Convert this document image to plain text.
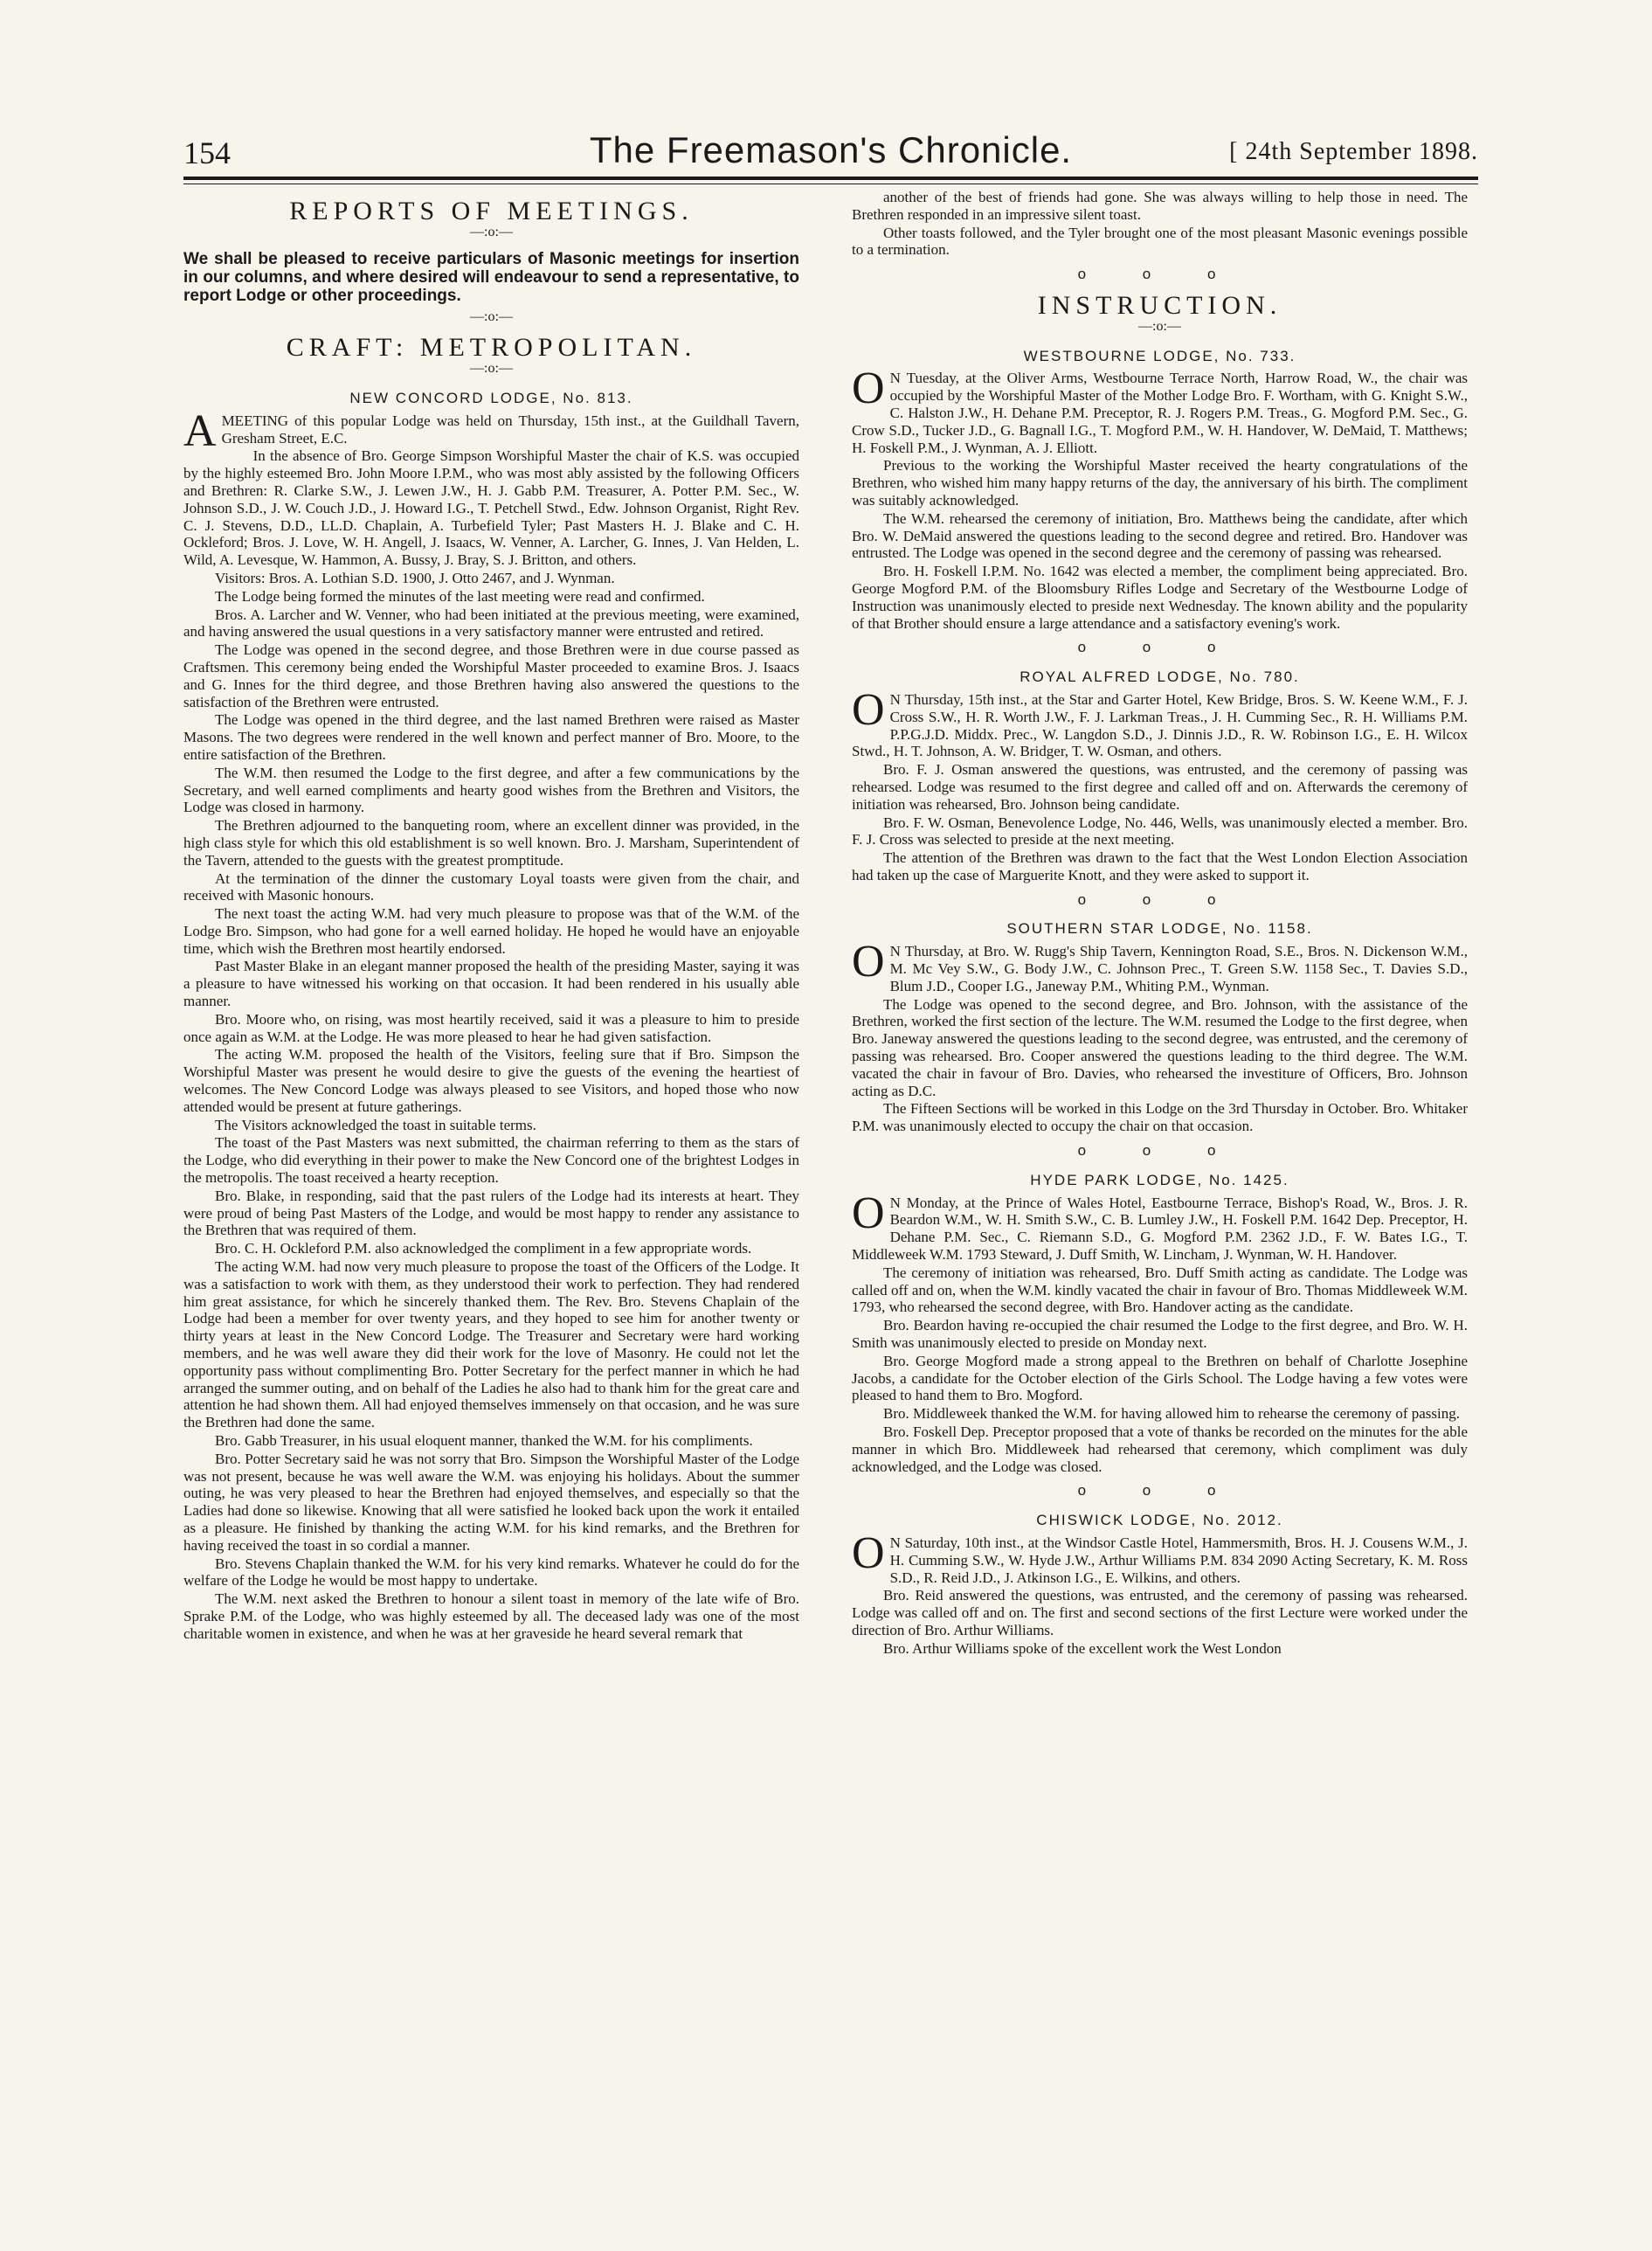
154	The Freemason's Chronicle.	[ 24th September 1898.
REPORTS OF MEETINGS.
—:o:—
We shall be pleased to receive particulars of Masonic meetings for insertion in our columns, and where desired will endeavour to send a representative, to report Lodge or other proceedings.
—:o:—
CRAFT: METROPOLITAN.
—:o:—
NEW CONCORD LODGE, No. 813.

AMEETING of this popular Lodge was held on Thursday, 15th inst., at the Guildhall Tavern, Gresham Street, E.C.

In the absence of Bro. George Simpson Worshipful Master the chair of K.S. was occupied by the highly esteemed Bro. John Moore I.P.M., who was most ably assisted by the following Officers and Brethren: R. Clarke S.W., J. Lewen J.W., H. J. Gabb P.M. Treasurer, A. Potter P.M. Sec., W. Johnson S.D., J. W. Couch J.D., J. Howard I.G., T. Petchell Stwd., Edw. Johnson Organist, Right Rev. C. J. Stevens, D.D., LL.D. Chaplain, A. Turbefield Tyler; Past Masters H. J. Blake and C. H. Ockleford; Bros. J. Love, W. H. Angell, J. Isaacs, W. Venner, A. Larcher, G. Innes, J. Van Helden, L. Wild, A. Levesque, W. Hammon, A. Bussy, J. Bray, S. J. Britton, and others.

Visitors: Bros. A. Lothian S.D. 1900, J. Otto 2467, and J. Wynman.

The Lodge being formed the minutes of the last meeting were read and confirmed.

Bros. A. Larcher and W. Venner, who had been initiated at the previous meeting, were examined, and having answered the usual questions in a very satisfactory manner were entrusted and retired.

The Lodge was opened in the second degree, and those Brethren were in due course passed as Craftsmen. This ceremony being ended the Worshipful Master proceeded to examine Bros. J. Isaacs and G. Innes for the third degree, and those Brethren having also answered the questions to the satisfaction of the Brethren were entrusted.

The Lodge was opened in the third degree, and the last named Brethren were raised as Master Masons. The two degrees were rendered in the well known and perfect manner of Bro. Moore, to the entire satisfaction of the Brethren.

The W.M. then resumed the Lodge to the first degree, and after a few communications by the Secretary, and well earned compliments and hearty good wishes from the Brethren and Visitors, the Lodge was closed in harmony.

The Brethren adjourned to the banqueting room, where an excellent dinner was provided, in the high class style for which this old establishment is so well known. Bro. J. Marsham, Superintendent of the Tavern, attended to the guests with the greatest promptitude.

At the termination of the dinner the customary Loyal toasts were given from the chair, and received with Masonic honours.

The next toast the acting W.M. had very much pleasure to propose was that of the W.M. of the Lodge Bro. Simpson, who had gone for a well earned holiday. He hoped he would have an enjoyable time, which wish the Brethren most heartily endorsed.

Past Master Blake in an elegant manner proposed the health of the presiding Master, saying it was a pleasure to have witnessed his working on that occasion. It had been rendered in his usually able manner.

Bro. Moore who, on rising, was most heartily received, said it was a pleasure to him to preside once again as W.M. at the Lodge. He was more pleased to hear he had given satisfaction.

The acting W.M. proposed the health of the Visitors, feeling sure that if Bro. Simpson the Worshipful Master was present he would desire to give the guests of the evening the heartiest of welcomes. The New Concord Lodge was always pleased to see Visitors, and hoped those who now attended would be present at future gatherings.

The Visitors acknowledged the toast in suitable terms.

The toast of the Past Masters was next submitted, the chairman referring to them as the stars of the Lodge, who did everything in their power to make the New Concord one of the brightest Lodges in the metropolis. The toast received a hearty reception.

Bro. Blake, in responding, said that the past rulers of the Lodge had its interests at heart. They were proud of being Past Masters of the Lodge, and would be most happy to render any assistance to the Brethren that was required of them.

Bro. C. H. Ockleford P.M. also acknowledged the compliment in a few appropriate words.

The acting W.M. had now very much pleasure to propose the toast of the Officers of the Lodge. It was a satisfaction to work with them, as they understood their work to perfection. They had rendered him great assistance, for which he sincerely thanked them. The Rev. Bro. Stevens Chaplain of the Lodge had been a member for over twenty years, and they hoped to see him for another twenty or thirty years at least in the New Concord Lodge. The Treasurer and Secretary were hard working members, and he was well aware they did their work for the love of Masonry. He could not let the opportunity pass without complimenting Bro. Potter Secretary for the perfect manner in which he had arranged the summer outing, and on behalf of the Ladies he also had to thank him for the great care and attention he had shown them. All had enjoyed themselves immensely on that occasion, and he was sure the Brethren had done the same.

Bro. Gabb Treasurer, in his usual eloquent manner, thanked the W.M. for his compliments.

Bro. Potter Secretary said he was not sorry that Bro. Simpson the Worshipful Master of the Lodge was not present, because he was well aware the W.M. was enjoying his holidays. About the summer outing, he was very pleased to hear the Brethren had enjoyed themselves, and especially so that the Ladies had done so likewise. Knowing that all were satisfied he looked back upon the work it entailed as a pleasure. He finished by thanking the acting W.M. for his kind remarks, and the Brethren for having received the toast in so cordial a manner.

Bro. Stevens Chaplain thanked the W.M. for his very kind remarks. Whatever he could do for the welfare of the Lodge he would be most happy to undertake.

The W.M. next asked the Brethren to honour a silent toast in memory of the late wife of Bro. Sprake P.M. of the Lodge, who was highly esteemed by all. The deceased lady was one of the most charitable women in existence, and when he was at her graveside he heard several remark that

another of the best of friends had gone. She was always willing to help those in need. The Brethren responded in an impressive silent toast.

Other toasts followed, and the Tyler brought one of the most pleasant Masonic evenings possible to a termination.

o o o
INSTRUCTION.
—:o:—
WESTBOURNE LODGE, No. 733.

O N Tuesday, at the Oliver Arms, Westbourne Terrace North, Harrow Road, W., the chair was occupied by the Worshipful Master of the Mother Lodge Bro. F. Wortham, with G. Knight S.W., C. Halston J.W., H. Dehane P.M. Preceptor, R. J. Rogers P.M. Treas., G. Mogford P.M. Sec., G. Crow S.D., Tucker J.D., G. Bagnall I.G., T. Mogford P.M., W. H. Handover, W. DeMaid, T. Matthews; H. Foskell P.M., J. Wynman, A. J. Elliott.

Previous to the working the Worshipful Master received the hearty congratulations of the Brethren, who wished him many happy returns of the day, the anniversary of his birth. The compliment was suitably acknowledged.

The W.M. rehearsed the ceremony of initiation, Bro. Matthews being the candidate, after which Bro. W. DeMaid answered the questions leading to the second degree and retired. Bro. Handover was entrusted. The Lodge was opened in the second degree and the ceremony of passing was rehearsed.

Bro. H. Foskell I.P.M. No. 1642 was elected a member, the compliment being appreciated. Bro. George Mogford P.M. of the Bloomsbury Rifles Lodge and Secretary of the Westbourne Lodge of Instruction was unanimously elected to preside next Wednesday. The known ability and the popularity of that Brother should ensure a large attendance and a satisfactory evening's work.

o o o
ROYAL ALFRED LODGE, No. 780.

O N Thursday, 15th inst., at the Star and Garter Hotel, Kew Bridge, Bros. S. W. Keene W.M., F. J. Cross S.W., H. R. Worth J.W., F. J. Larkman Treas., J. H. Cumming Sec., R. H. Williams P.M. P.P.G.J.D. Middx. Prec., W. Langdon S.D., J. Dinnis J.D., R. W. Robinson I.G., E. H. Wilcox Stwd., H. T. Johnson, A. W. Bridger, T. W. Osman, and others.

Bro. F. J. Osman answered the questions, was entrusted, and the ceremony of passing was rehearsed. Lodge was resumed to the first degree and called off and on. Afterwards the ceremony of initiation was rehearsed, Bro. Johnson being candidate.

Bro. F. W. Osman, Benevolence Lodge, No. 446, Wells, was unanimously elected a member. Bro. F. J. Cross was selected to preside at the next meeting.

The attention of the Brethren was drawn to the fact that the West London Election Association had taken up the case of Marguerite Knott, and they were asked to support it.

o o o
SOUTHERN STAR LODGE, No. 1158.

O N Thursday, at Bro. W. Rugg's Ship Tavern, Kennington Road, S.E., Bros. N. Dickenson W.M., M. Mc Vey S.W., G. Body J.W., C. Johnson Prec., T. Green S.W. 1158 Sec., T. Davies S.D., Blum J.D., Cooper I.G., Janeway P.M., Whiting P.M., Wynman.

The Lodge was opened to the second degree, and Bro. Johnson, with the assistance of the Brethren, worked the first section of the lecture. The W.M. resumed the Lodge to the first degree, when Bro. Janeway answered the questions leading to the second degree, was entrusted, and the ceremony of passing was rehearsed. Bro. Cooper answered the questions leading to the third degree. The W.M. vacated the chair in favour of Bro. Davies, who rehearsed the investiture of Officers, Bro. Johnson acting as D.C.

The Fifteen Sections will be worked in this Lodge on the 3rd Thursday in October. Bro. Whitaker P.M. was unanimously elected to occupy the chair on that occasion.

o o o
HYDE PARK LODGE, No. 1425.

O N Monday, at the Prince of Wales Hotel, Eastbourne Terrace, Bishop's Road, W., Bros. J. R. Beardon W.M., W. H. Smith S.W., C. B. Lumley J.W., H. Foskell P.M. 1642 Dep. Preceptor, H. Dehane P.M. Sec., C. Riemann S.D., G. Mogford P.M. 2362 J.D., F. W. Bates I.G., T. Middleweek W.M. 1793 Steward, J. Duff Smith, W. Lincham, J. Wynman, W. H. Handover.

The ceremony of initiation was rehearsed, Bro. Duff Smith acting as candidate. The Lodge was called off and on, when the W.M. kindly vacated the chair in favour of Bro. Thomas Middleweek W.M. 1793, who rehearsed the second degree, with Bro. Handover acting as the candidate.

Bro. Beardon having re-occupied the chair resumed the Lodge to the first degree, and Bro. W. H. Smith was unanimously elected to preside on Monday next.

Bro. George Mogford made a strong appeal to the Brethren on behalf of Charlotte Josephine Jacobs, a candidate for the October election of the Girls School. The Lodge having a few votes were pleased to hand them to Bro. Mogford.

Bro. Middleweek thanked the W.M. for having allowed him to rehearse the ceremony of passing.

Bro. Foskell Dep. Preceptor proposed that a vote of thanks be recorded on the minutes for the able manner in which Bro. Middleweek had rehearsed that ceremony, which compliment was duly acknowledged, and the Lodge was closed.

o o o
CHISWICK LODGE, No. 2012.

O N Saturday, 10th inst., at the Windsor Castle Hotel, Hammersmith, Bros. H. J. Cousens W.M., J. H. Cumming S.W., W. Hyde J.W., Arthur Williams P.M. 834 2090 Acting Secretary, K. M. Ross S.D., R. Reid J.D., J. Atkinson I.G., E. Wilkins, and others.

Bro. Reid answered the questions, was entrusted, and the ceremony of passing was rehearsed. Lodge was called off and on. The first and second sections of the first Lecture were worked under the direction of Bro. Arthur Williams.

Bro. Arthur Williams spoke of the excellent work the West London
